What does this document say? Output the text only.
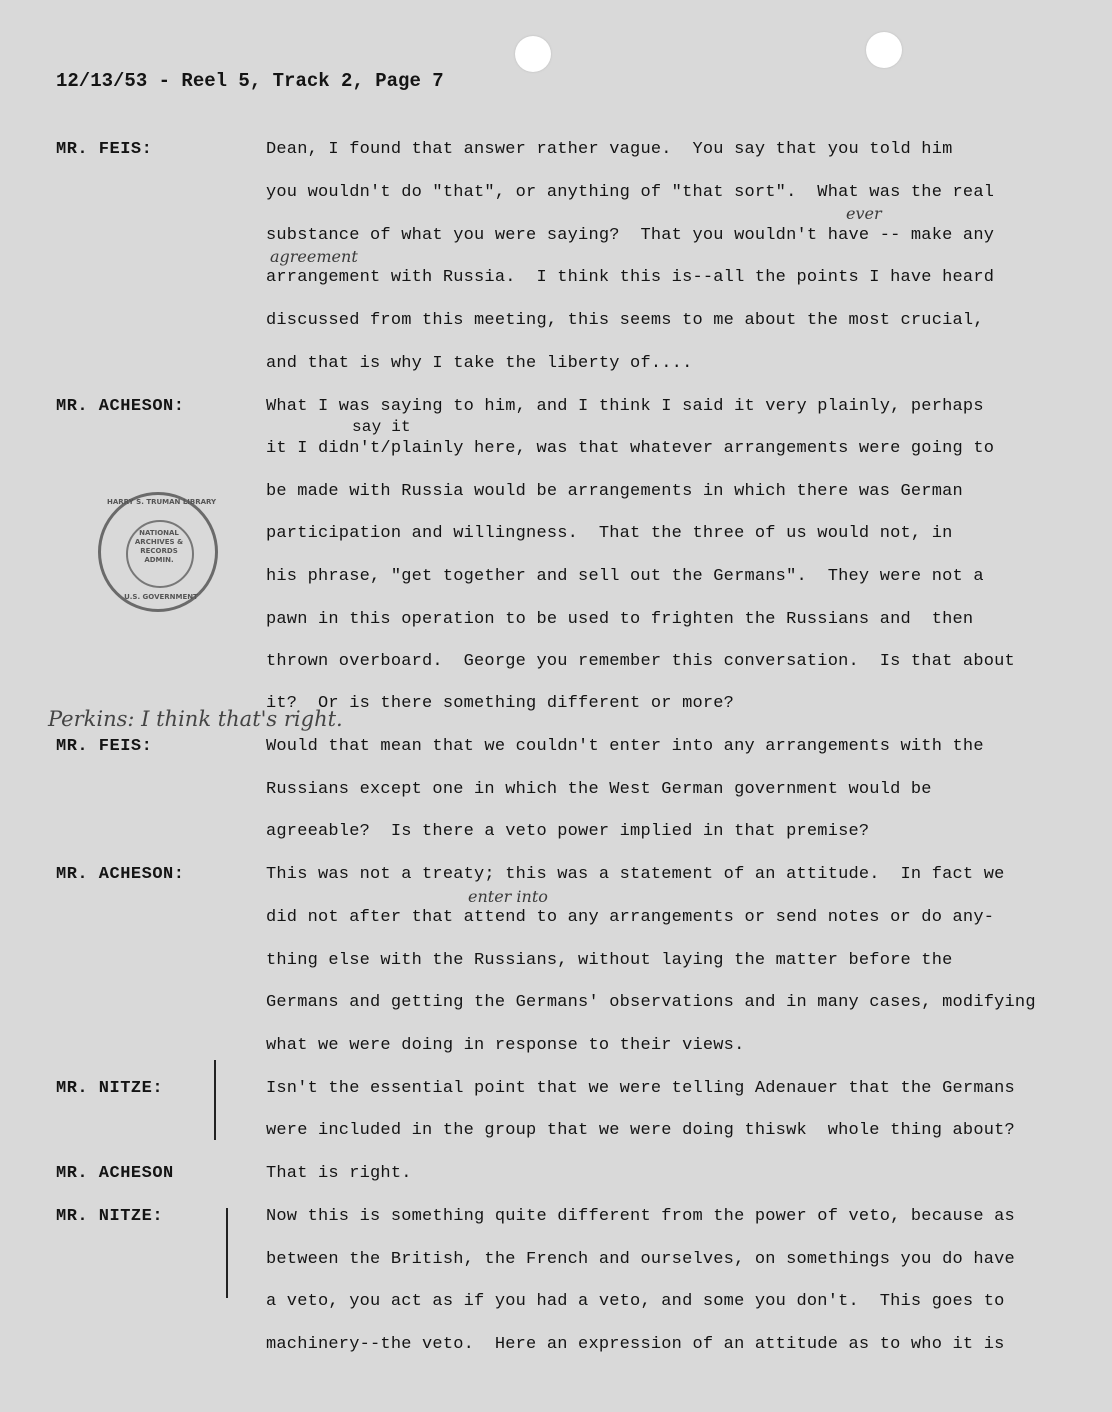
12/13/53 - Reel 5, Track 2, Page 7
MR. FEIS:
MR. ACHESON:
MR. FEIS:
MR. ACHESON:
MR. NITZE:
MR. ACHESON
MR. NITZE:
Dean, I found that answer rather vague.  You say that you told him
you wouldn't do "that", or anything of "that sort".  What was the real
substance of what you were saying?  That you wouldn't have -- make any
arrangement with Russia.  I think this is--all the points I have heard
discussed from this meeting, this seems to me about the most crucial,
and that is why I take the liberty of....
What I was saying to him, and I think I said it very plainly, perhaps
it I didn't/plainly here, was that whatever arrangements were going to
be made with Russia would be arrangements in which there was German
participation and willingness.  That the three of us would not, in
his phrase, "get together and sell out the Germans".  They were not a
pawn in this operation to be used to frighten the Russians and  then
thrown overboard.  George you remember this conversation.  Is that about
it?  Or is there something different or more?
Would that mean that we couldn't enter into any arrangements with the
Russians except one in which the West German government would be
agreeable?  Is there a veto power implied in that premise?
This was not a treaty; this was a statement of an attitude.  In fact we
did not after that attend to any arrangements or send notes or do any-
thing else with the Russians, without laying the matter before the
Germans and getting the Germans' observations and in many cases, modifying
what we were doing in response to their views.
Isn't the essential point that we were telling Adenauer that the Germans
were included in the group that we were doing thiswk  whole thing about?
That is right.
Now this is something quite different from the power of veto, because as
between the British, the French and ourselves, on somethings you do have
a veto, you act as if you had a veto, and some you don't.  This goes to
machinery--the veto.  Here an expression of an attitude as to who it is
ever
agreement
say it
enter into
Perkins: I think that's right.
HARRY S. TRUMAN LIBRARY
NATIONAL
ARCHIVES &
RECORDS
ADMIN.
U.S. GOVERNMENT
